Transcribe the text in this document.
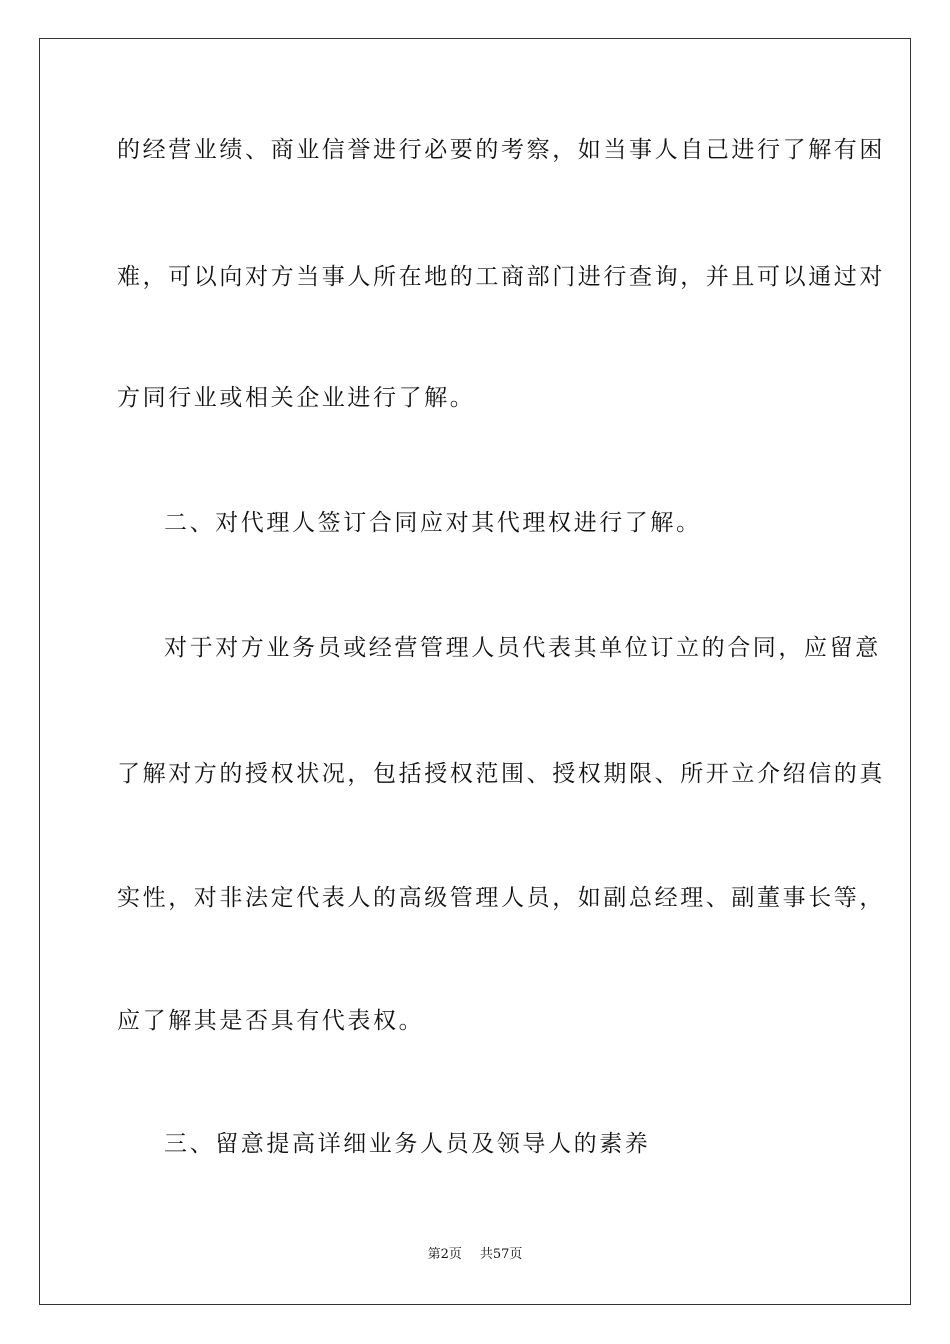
的经营业绩、商业信誉进行必要的考察，如当事人自己进行了解有困
难，可以向对方当事人所在地的工商部门进行查询，并且可以通过对
方同行业或相关企业进行了解。
二、对代理人签订合同应对其代理权进行了解。
对于对方业务员或经营管理人员代表其单位订立的合同，应留意
了解对方的授权状况，包括授权范围、授权期限、所开立介绍信的真
实性，对非法定代表人的高级管理人员，如副总经理、副董事长等，
应了解其是否具有代表权。
三、留意提高详细业务人员及领导人的素养
第2页 共57页
